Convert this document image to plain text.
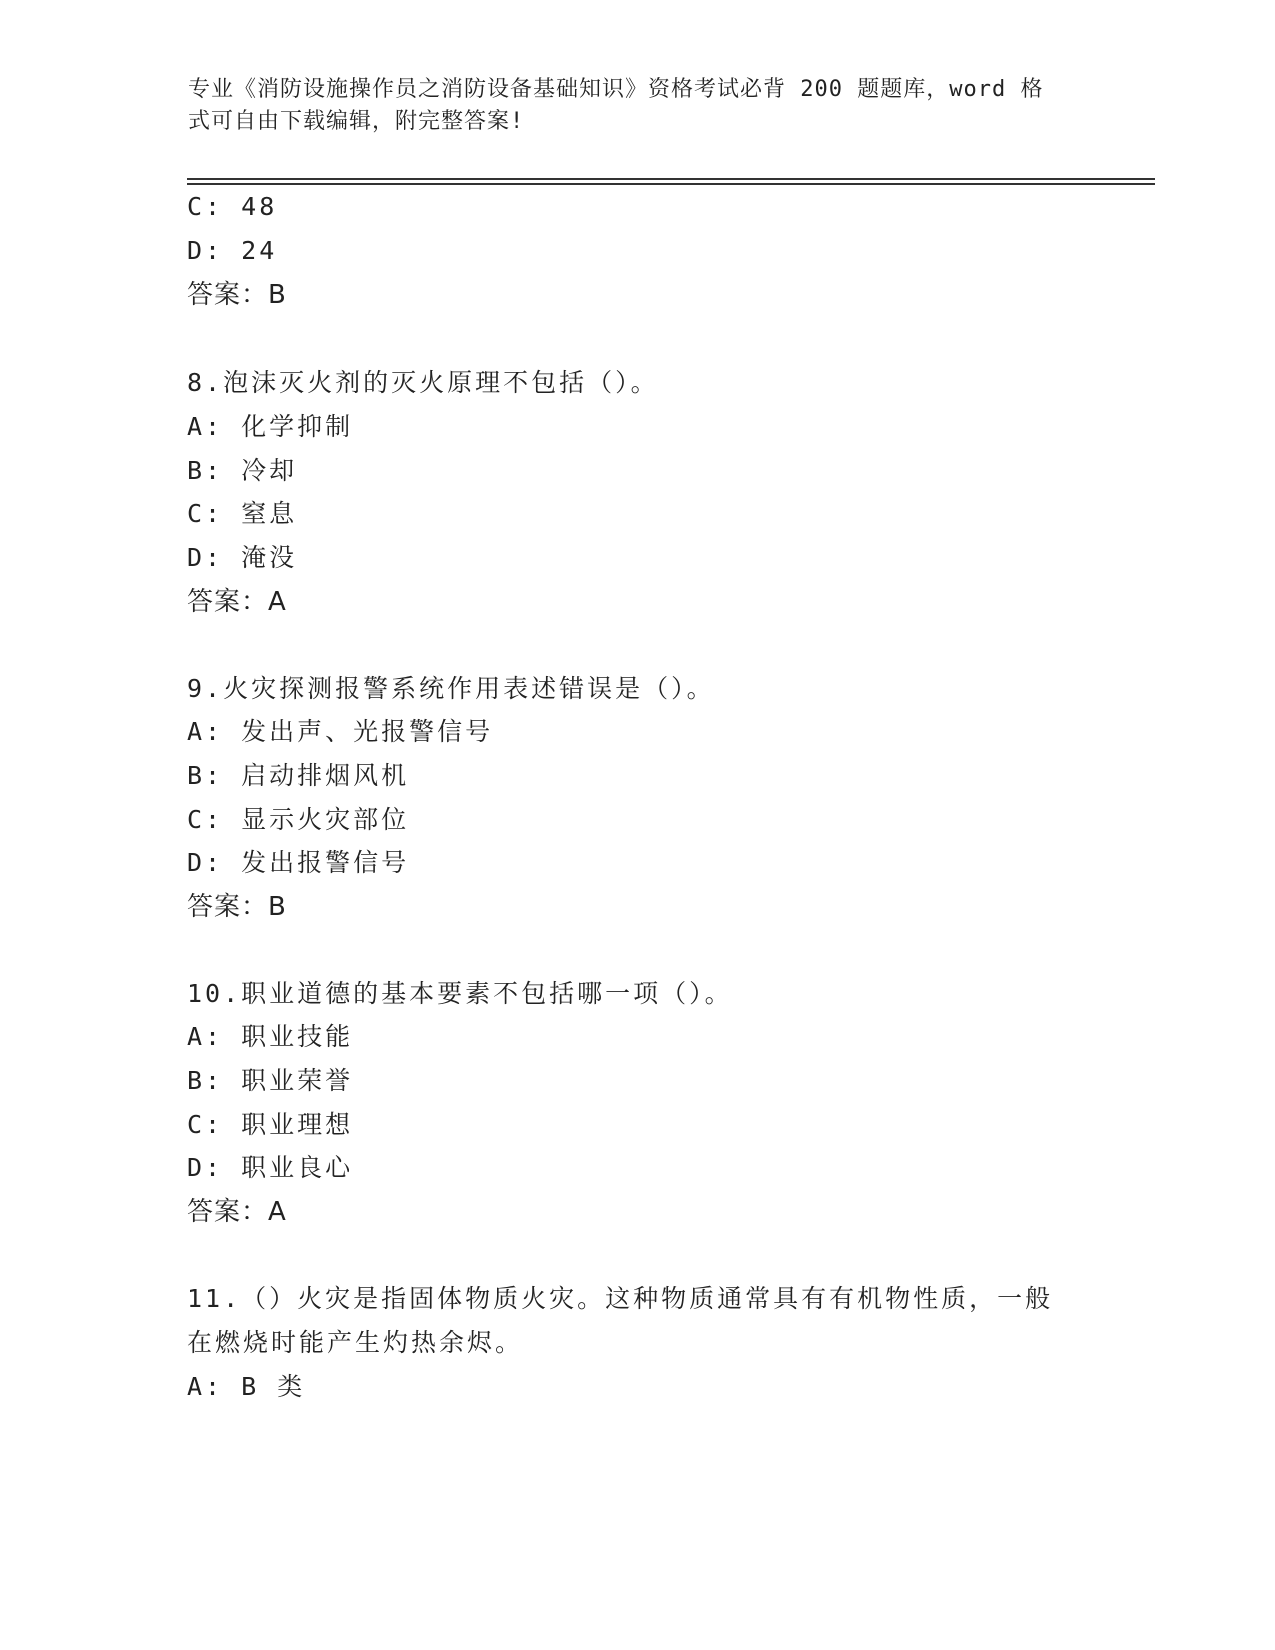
专业《消防设施操作员之消防设备基础知识》资格考试必背 200 题题库，word 格
式可自由下载编辑，附完整答案!
C: 48
D: 24
答案：B
8.泡沫灭火剂的灭火原理不包括（）。
A: 化学抑制
B: 冷却
C: 窒息
D: 淹没
答案：A
9.火灾探测报警系统作用表述错误是（）。
A: 发出声、光报警信号
B: 启动排烟风机
C: 显示火灾部位
D: 发出报警信号
答案：B
10.职业道德的基本要素不包括哪一项（）。
A: 职业技能
B: 职业荣誉
C: 职业理想
D: 职业良心
答案：A
11.（）火灾是指固体物质火灾。这种物质通常具有有机物性质，一般
在燃烧时能产生灼热余烬。
A: B 类
